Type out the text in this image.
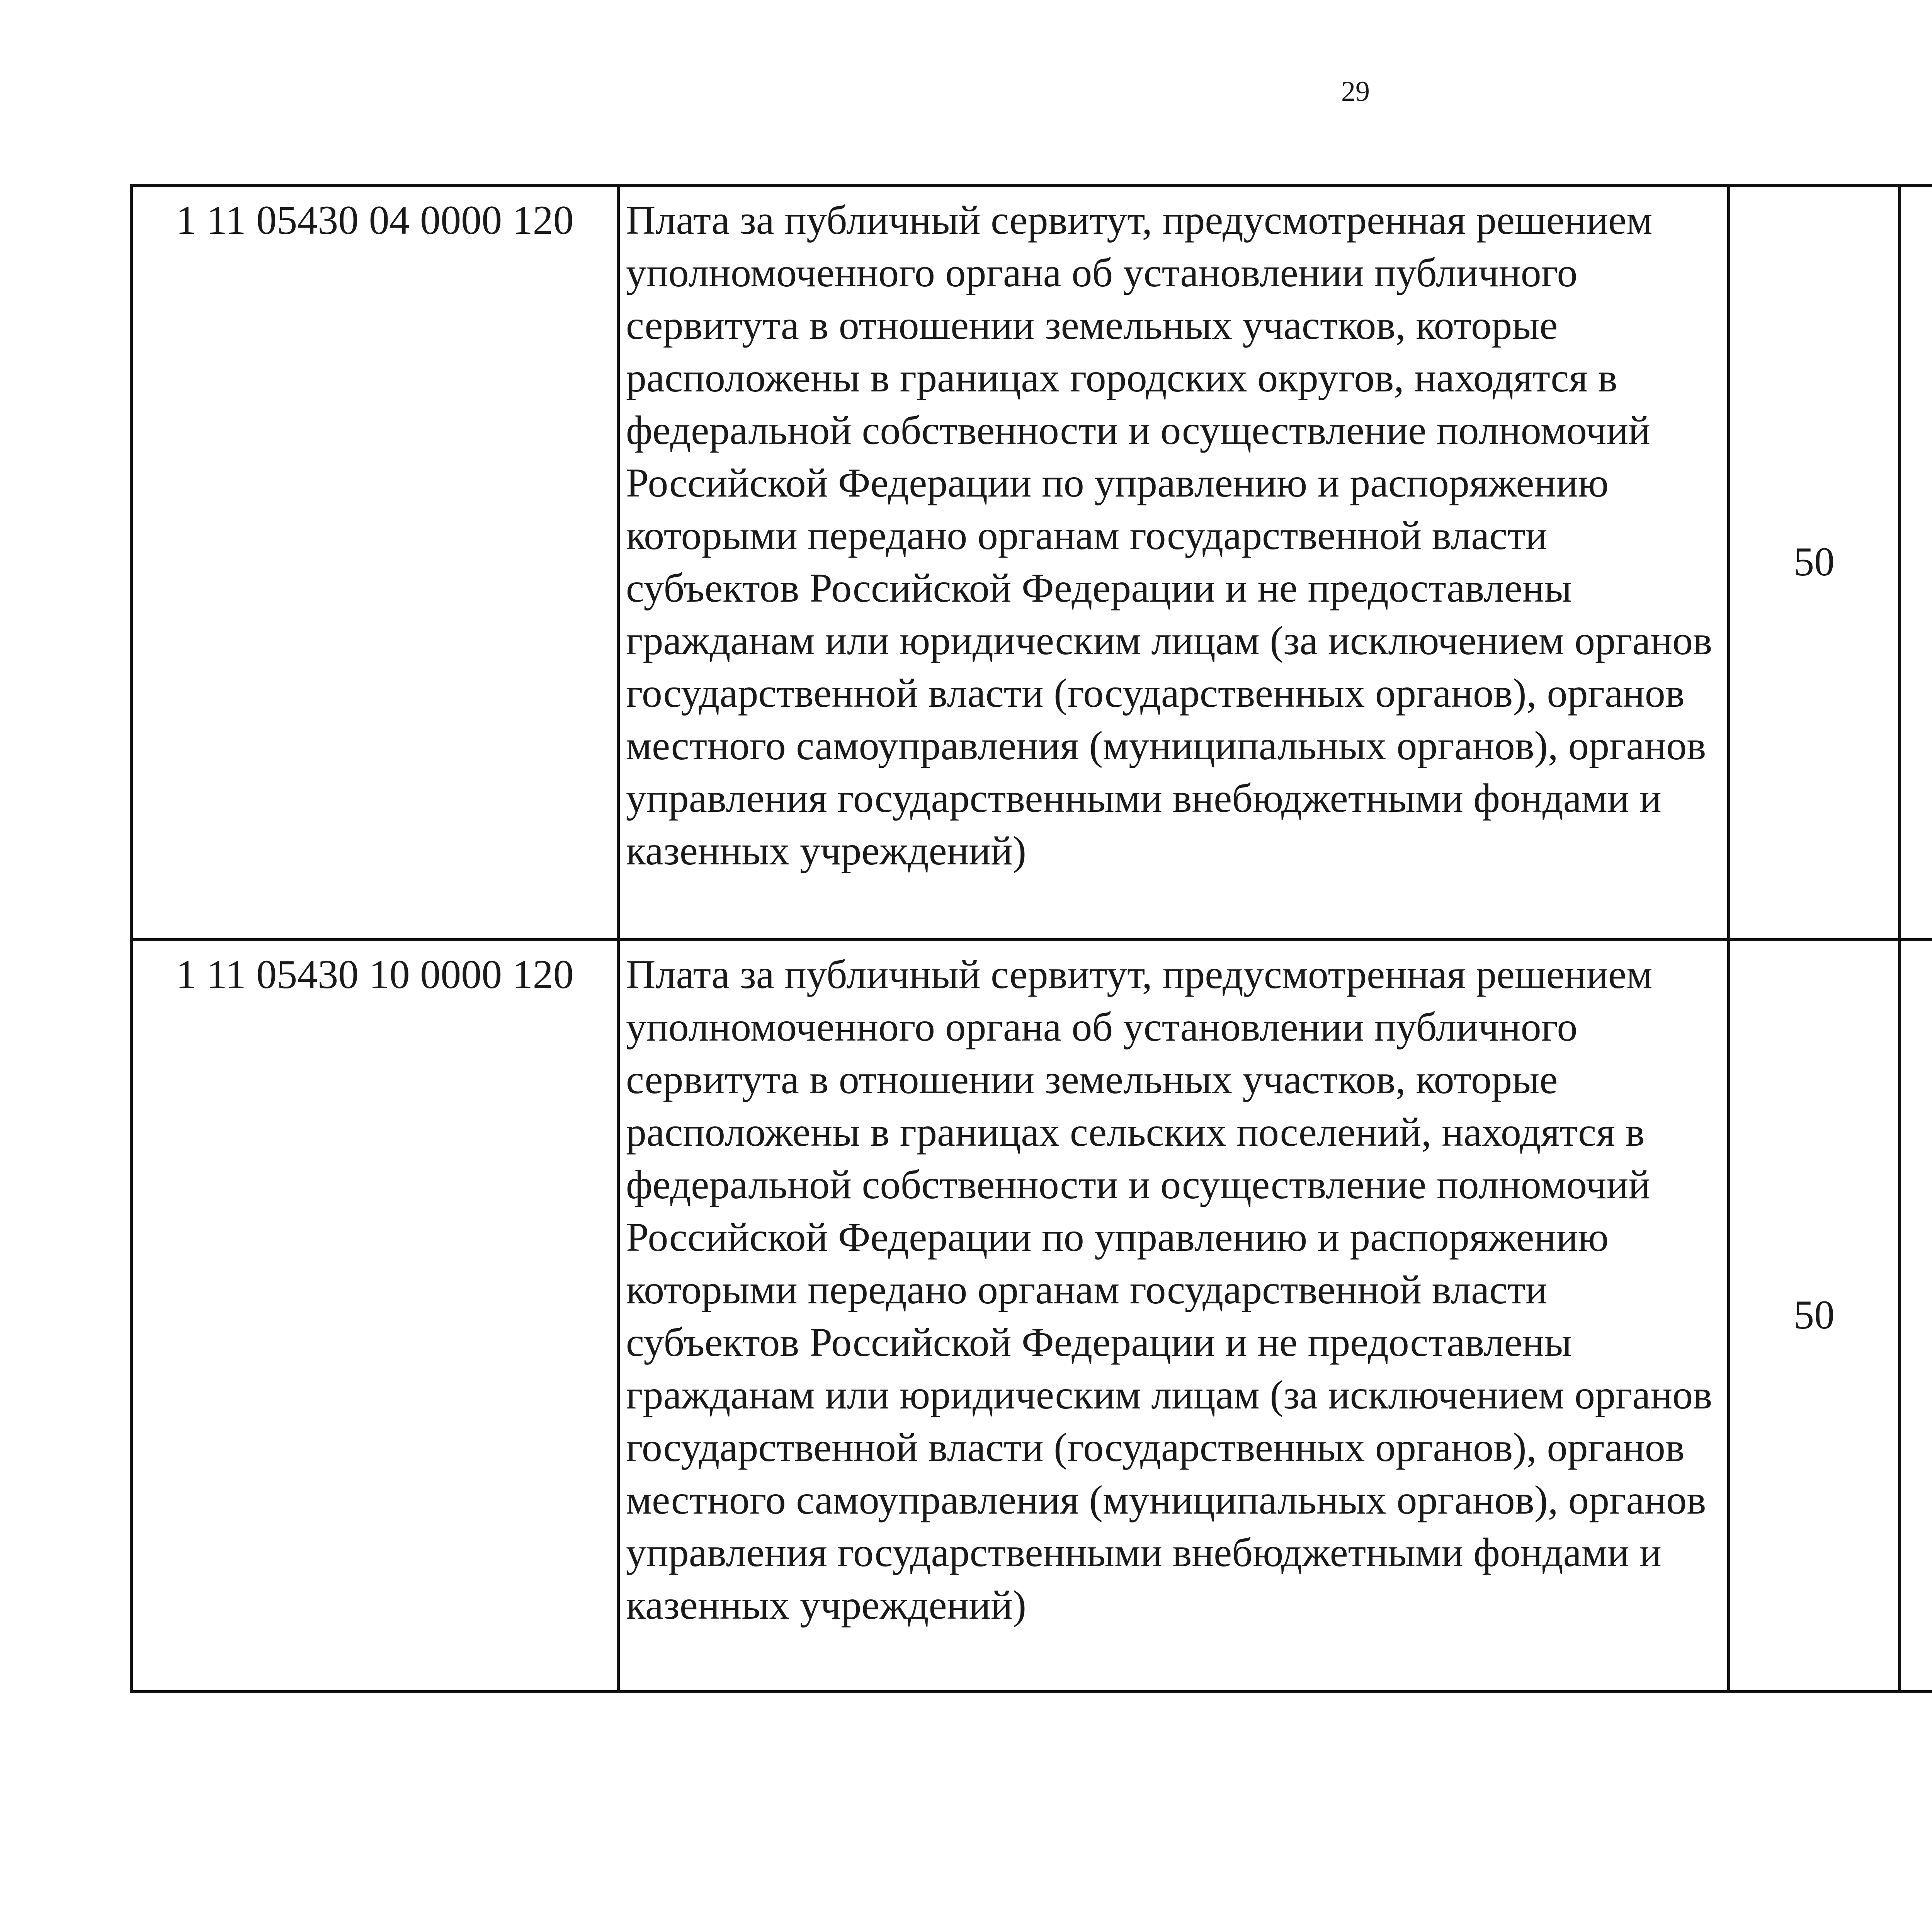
29
1 11 05430 04 0000 120	Плата за публичный сервитут, предусмотренная решением уполномоченного органа об установлении публичного сервитута в отношении земельных участков, которые расположены в границах городских округов, находятся в федеральной собственности и осуществление полномочий Российской Федерации по управлению и распоряжению которыми передано органам государственной власти субъектов Российской Федерации и не предоставлены гражданам или юридическим лицам (за исключением органов государственной власти (государственных органов), органов местного самоуправления (муниципальных органов), органов управления государственными внебюджетными фондами и казенных учреждений)	50				
1 11 05430 10 0000 120	Плата за публичный сервитут, предусмотренная решением уполномоченного органа об установлении публичного сервитута в отношении земельных участков, которые расположены в границах сельских поселений, находятся в федеральной собственности и осуществление полномочий Российской Федерации по управлению и распоряжению которыми передано органам государственной власти субъектов Российской Федерации и не предоставлены гражданам или юридическим лицам (за исключением органов государственной власти (государственных органов), органов местного самоуправления (муниципальных органов), органов управления государственными внебюджетными фондами и казенных учреждений)	50				
